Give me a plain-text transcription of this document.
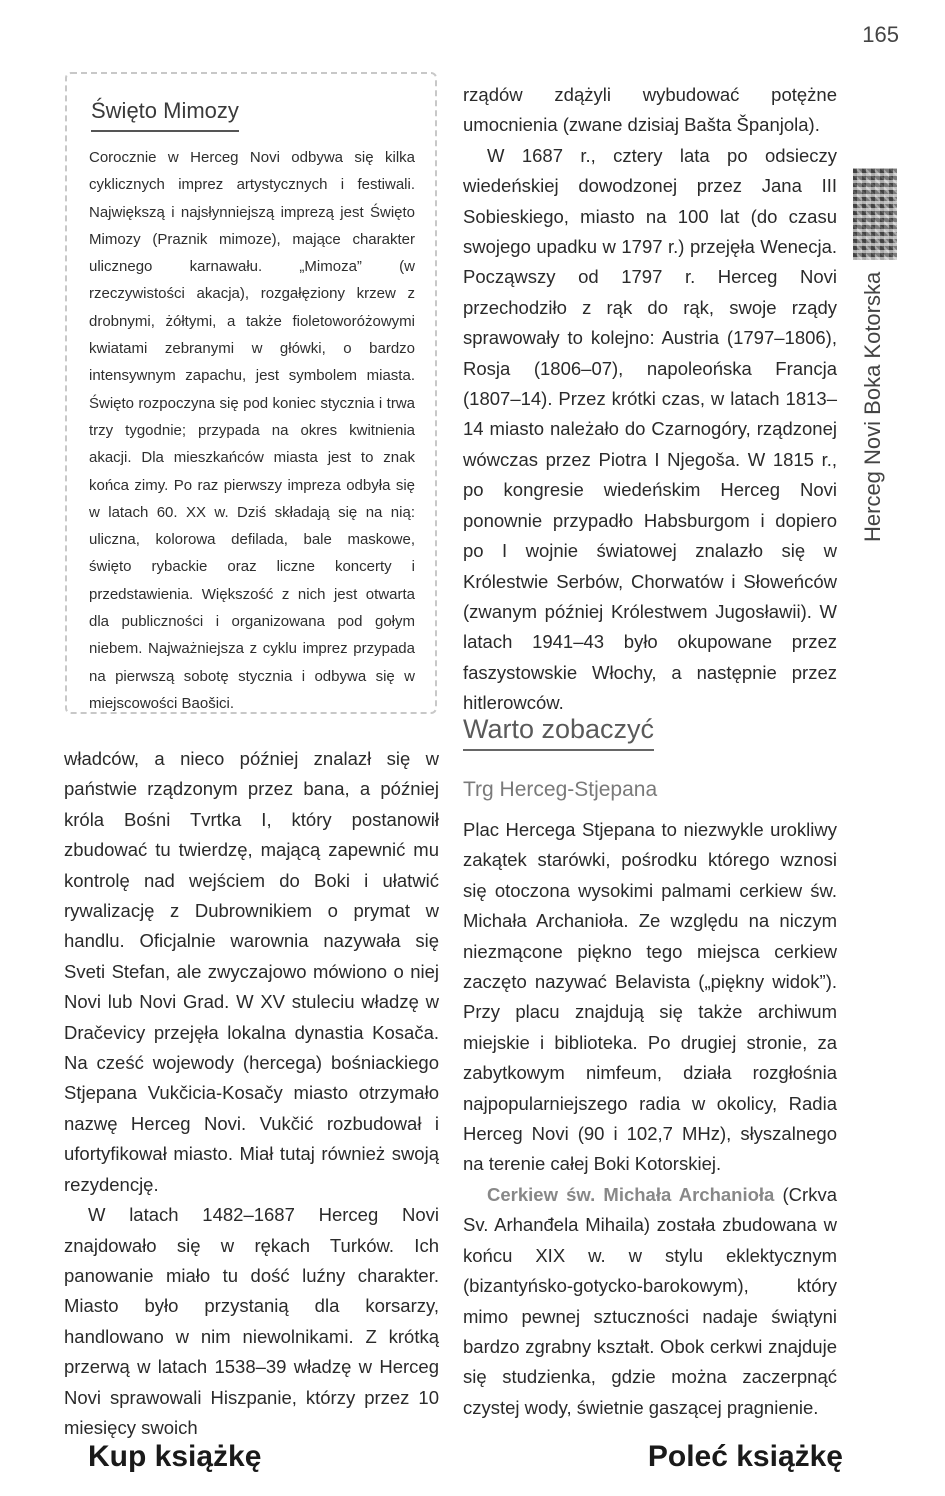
165
Herceg Novi Boka Kotorska
Święto Mimozy

Corocznie w Herceg Novi odbywa się kilka cyklicznych imprez artystycznych i festiwali. Największą i najsłynniejszą imprezą jest Święto Mimozy (Praznik mimoze), mające charakter ulicznego karnawału. „Mimoza” (w rzeczywistości akacja), rozgałęziony krzew z drobnymi, żółtymi, a także fioletoworóżowymi kwiatami zebranymi w główki, o bardzo intensywnym zapachu, jest symbolem miasta. Święto rozpoczyna się pod koniec stycznia i trwa trzy tygodnie; przypada na okres kwitnienia akacji. Dla mieszkańców miasta jest to znak końca zimy. Po raz pierwszy impreza odbyła się w latach 60. XX w. Dziś składają się na nią: uliczna, kolorowa defilada, bale maskowe, święto rybackie oraz liczne koncerty i przedstawienia. Większość z nich jest otwarta dla publiczności i organizowana pod gołym niebem. Najważniejsza z cyklu imprez przypada na pierwszą sobotę stycznia i odbywa się w miejscowości Baošici.

władców, a nieco później znalazł się w państwie rządzonym przez bana, a później króla Bośni Tvrtka I, który postanowił zbudować tu twierdzę, mającą zapewnić mu kontrolę nad wejściem do Boki i ułatwić rywalizację z Dubrownikiem o prymat w handlu. Oficjalnie warownia nazywała się Sveti Stefan, ale zwyczajowo mówiono o niej Novi lub Novi Grad. W XV stuleciu władzę w Dračevicy przejęła lokalna dynastia Kosača. Na cześć wojewody (hercega) bośniackiego Stjepana Vukčicia-Kosačy miasto otrzymało nazwę Herceg Novi. Vukčić rozbudował i ufortyfikował miasto. Miał tutaj również swoją rezydencję.

W latach 1482–1687 Herceg Novi znajdowało się w rękach Turków. Ich panowanie miało tu dość luźny charakter. Miasto było przystanią dla korsarzy, handlowano w nim niewolnikami. Z krótką przerwą w latach 1538–39 władzę w Herceg Novi sprawowali Hiszpanie, którzy przez 10 miesięcy swoich

rządów zdążyli wybudować potężne umocnienia (zwane dzisiaj Bašta Španjola).

W 1687 r., cztery lata po odsieczy wiedeńskiej dowodzonej przez Jana III Sobieskiego, miasto na 100 lat (do czasu swojego upadku w 1797 r.) przejęła Wenecja. Począwszy od 1797 r. Herceg Novi przechodziło z rąk do rąk, swoje rządy sprawowały to kolejno: Austria (1797–1806), Rosja (1806–07), napoleońska Francja (1807–14). Przez krótki czas, w latach 1813–14 miasto należało do Czarnogóry, rządzonej wówczas przez Piotra I Njegoša. W 1815 r., po kongresie wiedeńskim Herceg Novi ponownie przypadło Habsburgom i dopiero po I wojnie światowej znalazło się w Królestwie Serbów, Chorwatów i Słoweńców (zwanym później Królestwem Jugosławii). W latach 1941–43 było okupowane przez faszystowskie Włochy, a następnie przez hitlerowców.

Warto zobaczyć
Trg Herceg-Stjepana

Plac Hercega Stjepana to niezwykle urokliwy zakątek starówki, pośrodku którego wznosi się otoczona wysokimi palmami cerkiew św. Michała Archanioła. Ze względu na niczym niezmącone piękno tego miejsca cerkiew zaczęto nazywać Belavista („piękny widok”). Przy placu znajdują się także archiwum miejskie i biblioteka. Po drugiej stronie, za zabytkowym nimfeum, działa rozgłośnia najpopularniejszego radia w okolicy, Radia Herceg Novi (90 i 102,7 MHz), słyszalnego na terenie całej Boki Kotorskiej.

Cerkiew św. Michała Archanioła (Crkva Sv. Arhanđela Mihaila) została zbudowana w końcu XIX w. w stylu eklektycznym (bizantyńsko-gotycko-barokowym), który mimo pewnej sztuczności nadaje świątyni bardzo zgrabny kształt. Obok cerkwi znajduje się studzienka, gdzie można zaczerpnąć czystej wody, świetnie gaszącej pragnienie.

Kup książkę	Poleć książkę
